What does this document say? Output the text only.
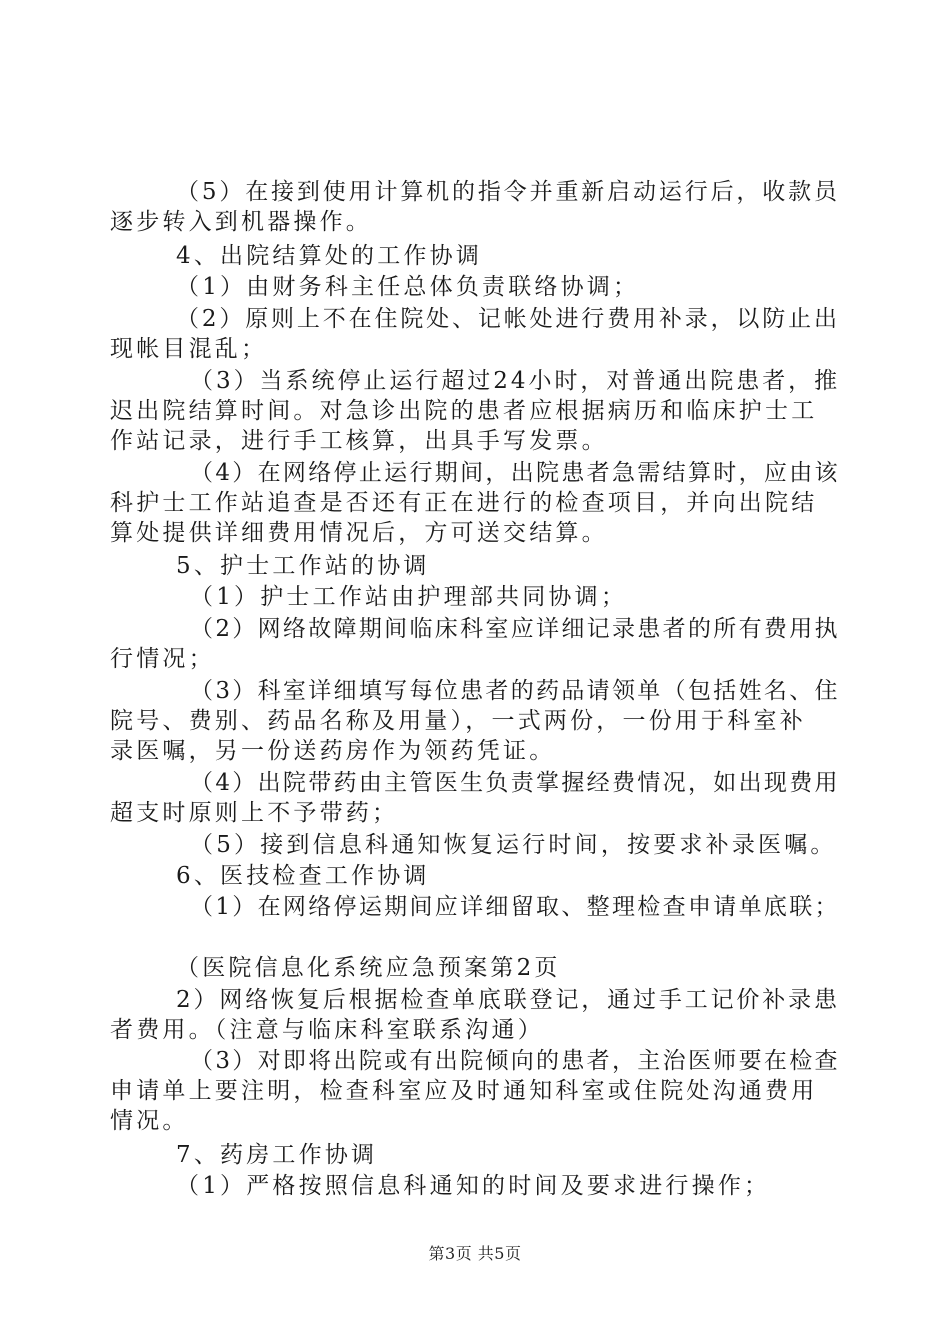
（5）在接到使用计算机的指令并重新启动运行后，收款员
逐步转入到机器操作。
4、出院结算处的工作协调
（1）由财务科主任总体负责联络协调；
（2）原则上不在住院处、记帐处进行费用补录，以防止出
现帐目混乱；
（3）当系统停止运行超过24小时，对普通出院患者，推
迟出院结算时间。对急诊出院的患者应根据病历和临床护士工
作站记录，进行手工核算，出具手写发票。
（4）在网络停止运行期间，出院患者急需结算时，应由该
科护士工作站追查是否还有正在进行的检查项目，并向出院结
算处提供详细费用情况后，方可送交结算。
5、护士工作站的协调
（1）护士工作站由护理部共同协调；
（2）网络故障期间临床科室应详细记录患者的所有费用执
行情况；
（3）科室详细填写每位患者的药品请领单（包括姓名、住
院号、费别、药品名称及用量），一式两份，一份用于科室补
录医嘱，另一份送药房作为领药凭证。
（4）出院带药由主管医生负责掌握经费情况，如出现费用
超支时原则上不予带药；
（5）接到信息科通知恢复运行时间，按要求补录医嘱。
6、医技检查工作协调
（1）在网络停运期间应详细留取、整理检查申请单底联；
（医院信息化系统应急预案第2页
2）网络恢复后根据检查单底联登记，通过手工记价补录患
者费用。（注意与临床科室联系沟通）
（3）对即将出院或有出院倾向的患者，主治医师要在检查
申请单上要注明，检查科室应及时通知科室或住院处沟通费用
情况。
7、药房工作协调
（1）严格按照信息科通知的时间及要求进行操作；
第3页 共5页
